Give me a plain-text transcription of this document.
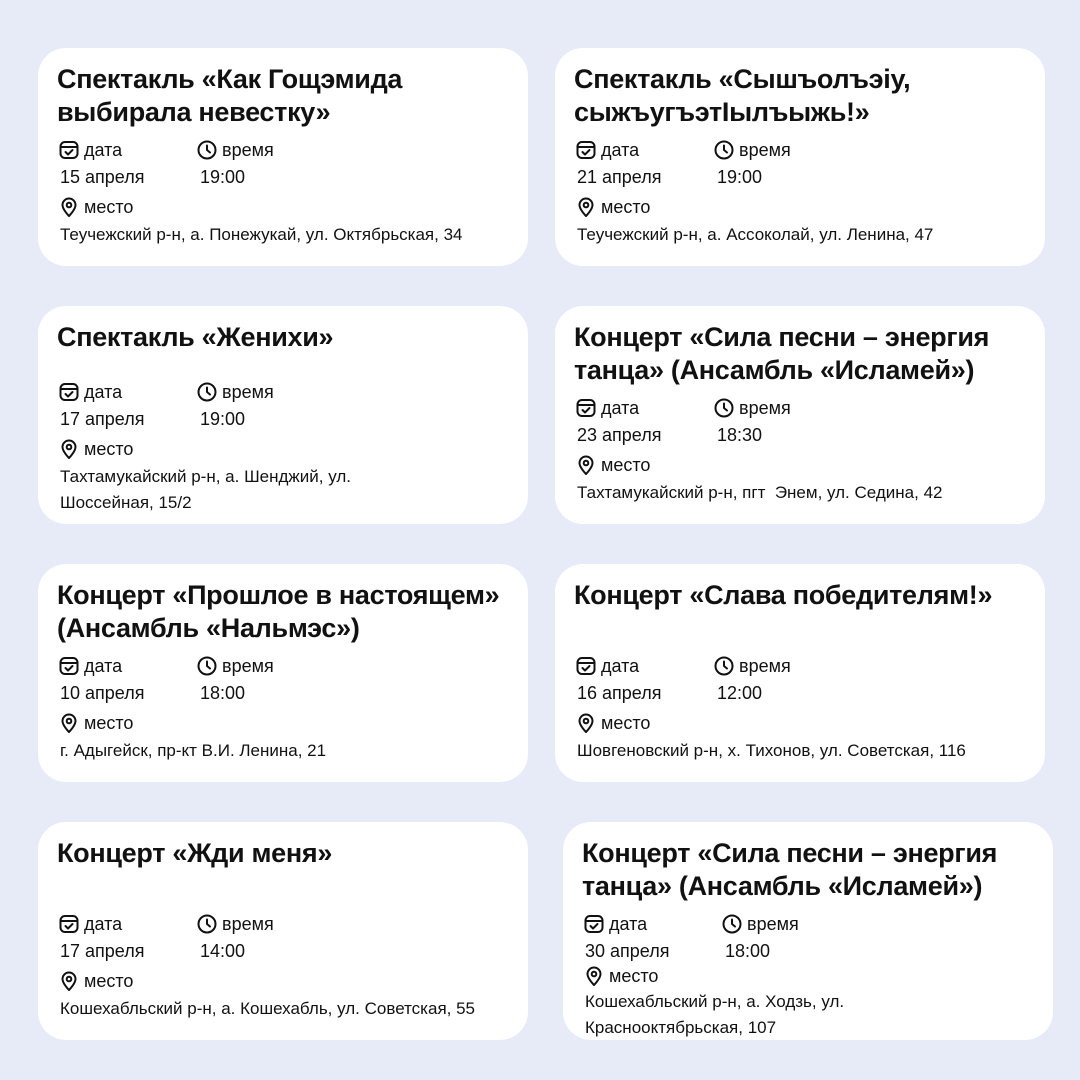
Спектакль «Как Гощэмида выбирала невестку»
дата	время
15 апреля	19:00
место
Теучежский р-н, а. Понежукай, ул. Октябрьская, 34
Спектакль «Сышъолъэіу, сыжъугъэтІылъыжь!»
дата	время
21 апреля	19:00
место
Теучежский р-н, а. Ассоколай, ул. Ленина, 47
Спектакль «Женихи»
дата	время
17 апреля	19:00
место
Тахтамукайский р-н, а. Шенджий, ул. Шоссейная, 15/2
Концерт «Сила песни – энергия танца» (Ансамбль «Исламей»)
дата	время
23 апреля	18:30
место
Тахтамукайский р-н, пгт  Энем, ул. Седина, 42
Концерт «Прошлое в настоящем» (Ансамбль «Нальмэс»)
дата	время
10 апреля	18:00
место
г. Адыгейск, пр-кт В.И. Ленина, 21
Концерт «Слава победителям!»
дата	время
16 апреля	12:00
место
Шовгеновский р-н, х. Тихонов, ул. Советская, 116
Концерт «Жди меня»
дата	время
17 апреля	14:00
место
Кошехабльский р-н, а. Кошехабль, ул. Советская, 55
Концерт «Сила песни – энергия танца» (Ансамбль «Исламей»)
дата	время
30 апреля	18:00
место
Кошехабльский р-н, а. Ходзь, ул. Краснооктябрьская, 107
